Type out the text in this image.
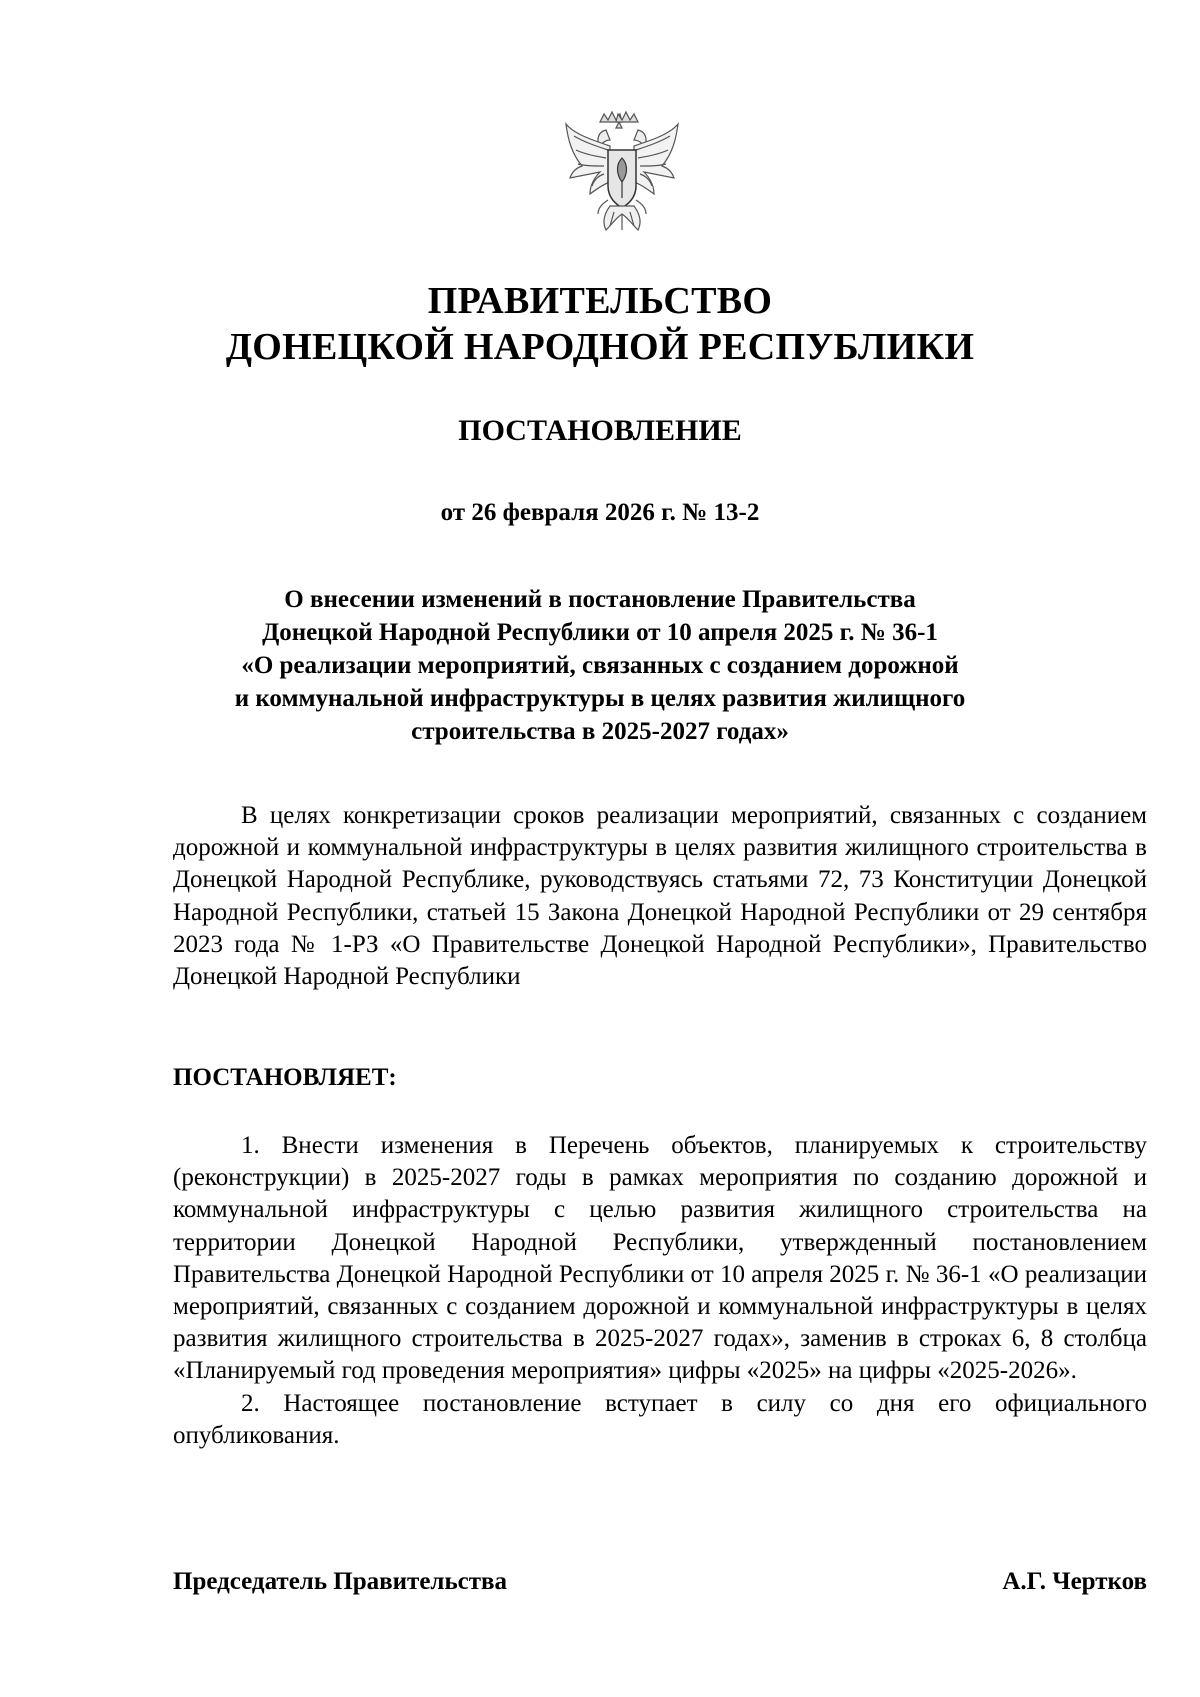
ПРАВИТЕЛЬСТВО
ДОНЕЦКОЙ НАРОДНОЙ РЕСПУБЛИКИ
ПОСТАНОВЛЕНИЕ
от 26 февраля 2026 г. № 13-2
О внесении изменений в постановление Правительства
Донецкой Народной Республики от 10 апреля 2025 г. № 36-1
«О реализации мероприятий, связанных с созданием дорожной
и коммунальной инфраструктуры в целях развития жилищного
строительства в 2025-2027 годах»

В целях конкретизации сроков реализации мероприятий, связанных с созданием дорожной и коммунальной инфраструктуры в целях развития жилищного строительства в Донецкой Народной Республике, руководствуясь статьями 72, 73 Конституции Донецкой Народной Республики, статьей 15 Закона Донецкой Народной Республики от 29 сентября 2023 года № 1-РЗ «О Правительстве Донецкой Народной Республики», Правительство Донецкой Народной Республики

ПОСТАНОВЛЯЕТ:

1. Внести изменения в Перечень объектов, планируемых к строительству (реконструкции) в 2025-2027 годы в рамках мероприятия по созданию дорожной и коммунальной инфраструктуры с целью развития жилищного строительства на территории Донецкой Народной Республики, утвержденный постановлением Правительства Донецкой Народной Республики от 10 апреля 2025 г. № 36-1 «О реализации мероприятий, связанных с созданием дорожной и коммунальной инфраструктуры в целях развития жилищного строительства в 2025-2027 годах», заменив в строках 6, 8 столбца «Планируемый год проведения мероприятия» цифры «2025» на цифры «2025-2026».

2. Настоящее постановление вступает в силу со дня его официального опубликования.

Председатель Правительства	А.Г. Чертков
